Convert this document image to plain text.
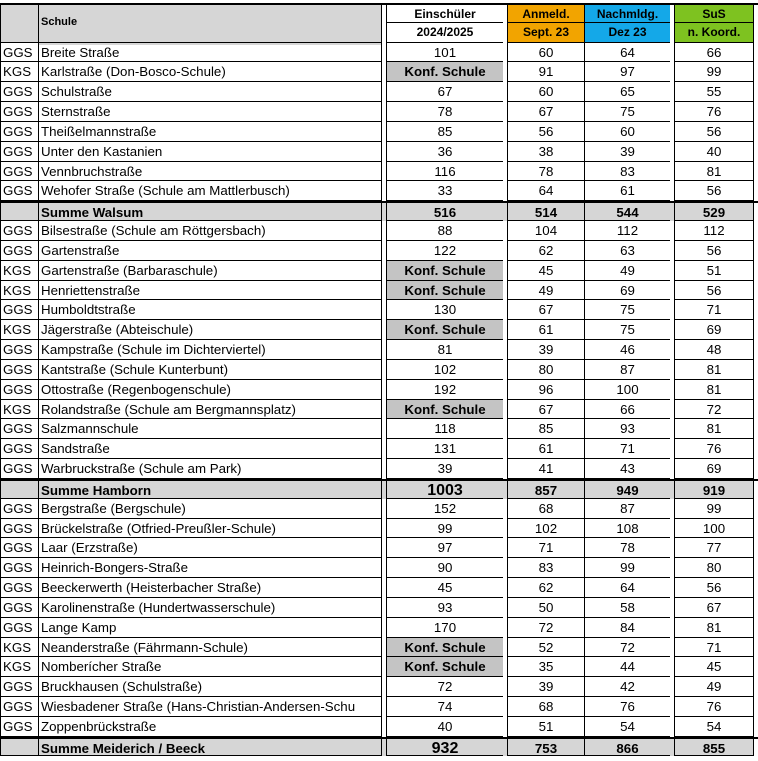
Schule
Einschüler	Anmeld.	Nachmldg.	SuS
2024/2025	Sept. 23	Dez 23	n. Koord.
GGS Breite Straße	101	60	64	66
KGS Karlstraße (Don-Bosco-Schule)	Konf. Schule	91	97	99
GGS Schulstraße	67	60	65	55
GGS Sternstraße	78	67	75	76
GGS Theißelmannstraße	85	56	60	56
GGS Unter den Kastanien	36	38	39	40
GGS Vennbruchstraße	116	78	83	81
GGS Wehofer Straße (Schule am Mattlerbusch)	33	64	61	56
Summe Walsum	516	514	544	529
GGS Bilsestraße (Schule am Röttgersbach)	88	104	112	112
GGS Gartenstraße	122	62	63	56
KGS Gartenstraße (Barbaraschule)	Konf. Schule	45	49	51
KGS Henriettenstraße	Konf. Schule	49	69	56
GGS Humboldtstraße	130	67	75	71
KGS Jägerstraße (Abteischule)	Konf. Schule	61	75	69
GGS Kampstraße (Schule im Dichterviertel)	81	39	46	48
GGS Kantstraße (Schule Kunterbunt)	102	80	87	81
GGS Ottostraße (Regenbogenschule)	192	96	100	81
KGS Rolandstraße (Schule am Bergmannsplatz)	Konf. Schule	67	66	72
GGS Salzmannschule	118	85	93	81
GGS Sandstraße	131	61	71	76
GGS Warbruckstraße (Schule am Park)	39	41	43	69
Summe Hamborn	1003	857	949	919
GGS Bergstraße (Bergschule)	152	68	87	99
GGS Brückelstraße (Otfried-Preußler-Schule)	99	102	108	100
GGS Laar (Erzstraße)	97	71	78	77
GGS Heinrich-Bongers-Straße	90	83	99	80
GGS Beeckerwerth (Heisterbacher Straße)	45	62	64	56
GGS Karolinenstraße (Hundertwasserschule)	93	50	58	67
GGS Lange Kamp	170	72	84	81
KGS Neanderstraße (Fährmann-Schule)	Konf. Schule	52	72	71
KGS Nomberícher Straße	Konf. Schule	35	44	45
GGS Bruckhausen (Schulstraße)	72	39	42	49
GGS Wiesbadener Straße (Hans-Christian-Andersen-Schu	74	68	76	76
GGS Zoppenbrückstraße	40	51	54	54
Summe Meiderich / Beeck	932	753	866	855
